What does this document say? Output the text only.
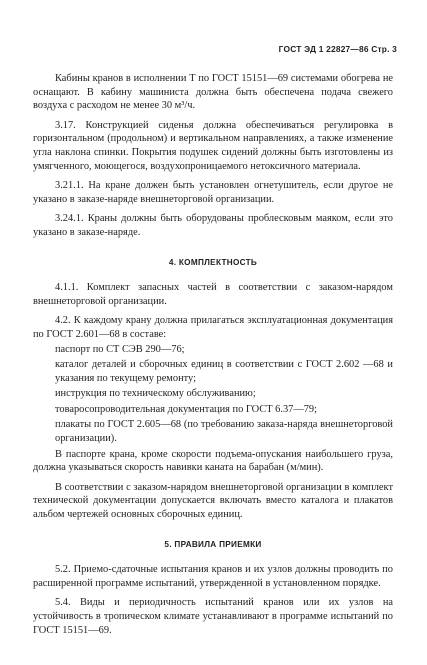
ГОСТ ЭД 1 22827—86 Стр. 3
Кабины кранов в исполнении Т по ГОСТ 15151—69 системами обогрева не оснащают. В кабину машиниста должна быть обеспечена подача свежего воздуха с расходом не менее 30 м³/ч.
3.17. Конструкцией сиденья должна обеспечиваться регулировка в горизонтальном (продольном) и вертикальном направлениях, а также изменение угла наклона спинки. Покрытия подушек сидений должны быть изготовлены из умягченного, моющегося, воздухопроницаемого нетоксичного материала.
3.21.1. На кране должен быть установлен огнетушитель, если другое не указано в заказе-наряде внешнеторговой организации.
3.24.1. Краны должны быть оборудованы проблесковым маяком, если это указано в заказе-наряде.
4. КОМПЛЕКТНОСТЬ
4.1.1. Комплект запасных частей в соответствии с заказом-нарядом внешнеторговой организации.
4.2. К каждому крану должна прилагаться эксплуатационная документация по ГОСТ 2.601—68 в составе:
паспорт по СТ СЭВ 290—76;
каталог деталей и сборочных единиц в соответствии с ГОСТ 2.602 —68 и указания по текущему ремонту;
инструкция по техническому обслуживанию;
товаросопроводительная документация по ГОСТ 6.37—79;
плакаты по ГОСТ 2.605—68 (по требованию заказа-наряда внешнеторговой организации).
В паспорте крана, кроме скорости подъема-опускания наибольшего груза, должна указываться скорость навивки каната на барабан (м/мин).
В соответствии с заказом-нарядом внешнеторговой организации в комплект технической документации допускается включать вместо каталога и плакатов альбом чертежей основных сборочных единиц.
5. ПРАВИЛА ПРИЕМКИ
5.2. Приемо-сдаточные испытания кранов и их узлов должны проводить по расширенной программе испытаний, утвержденной в установленном порядке.
5.4. Виды и периодичность испытаний кранов или их узлов на устойчивость в тропическом климате устанавливают в программе испытаний по ГОСТ 15151—69.
